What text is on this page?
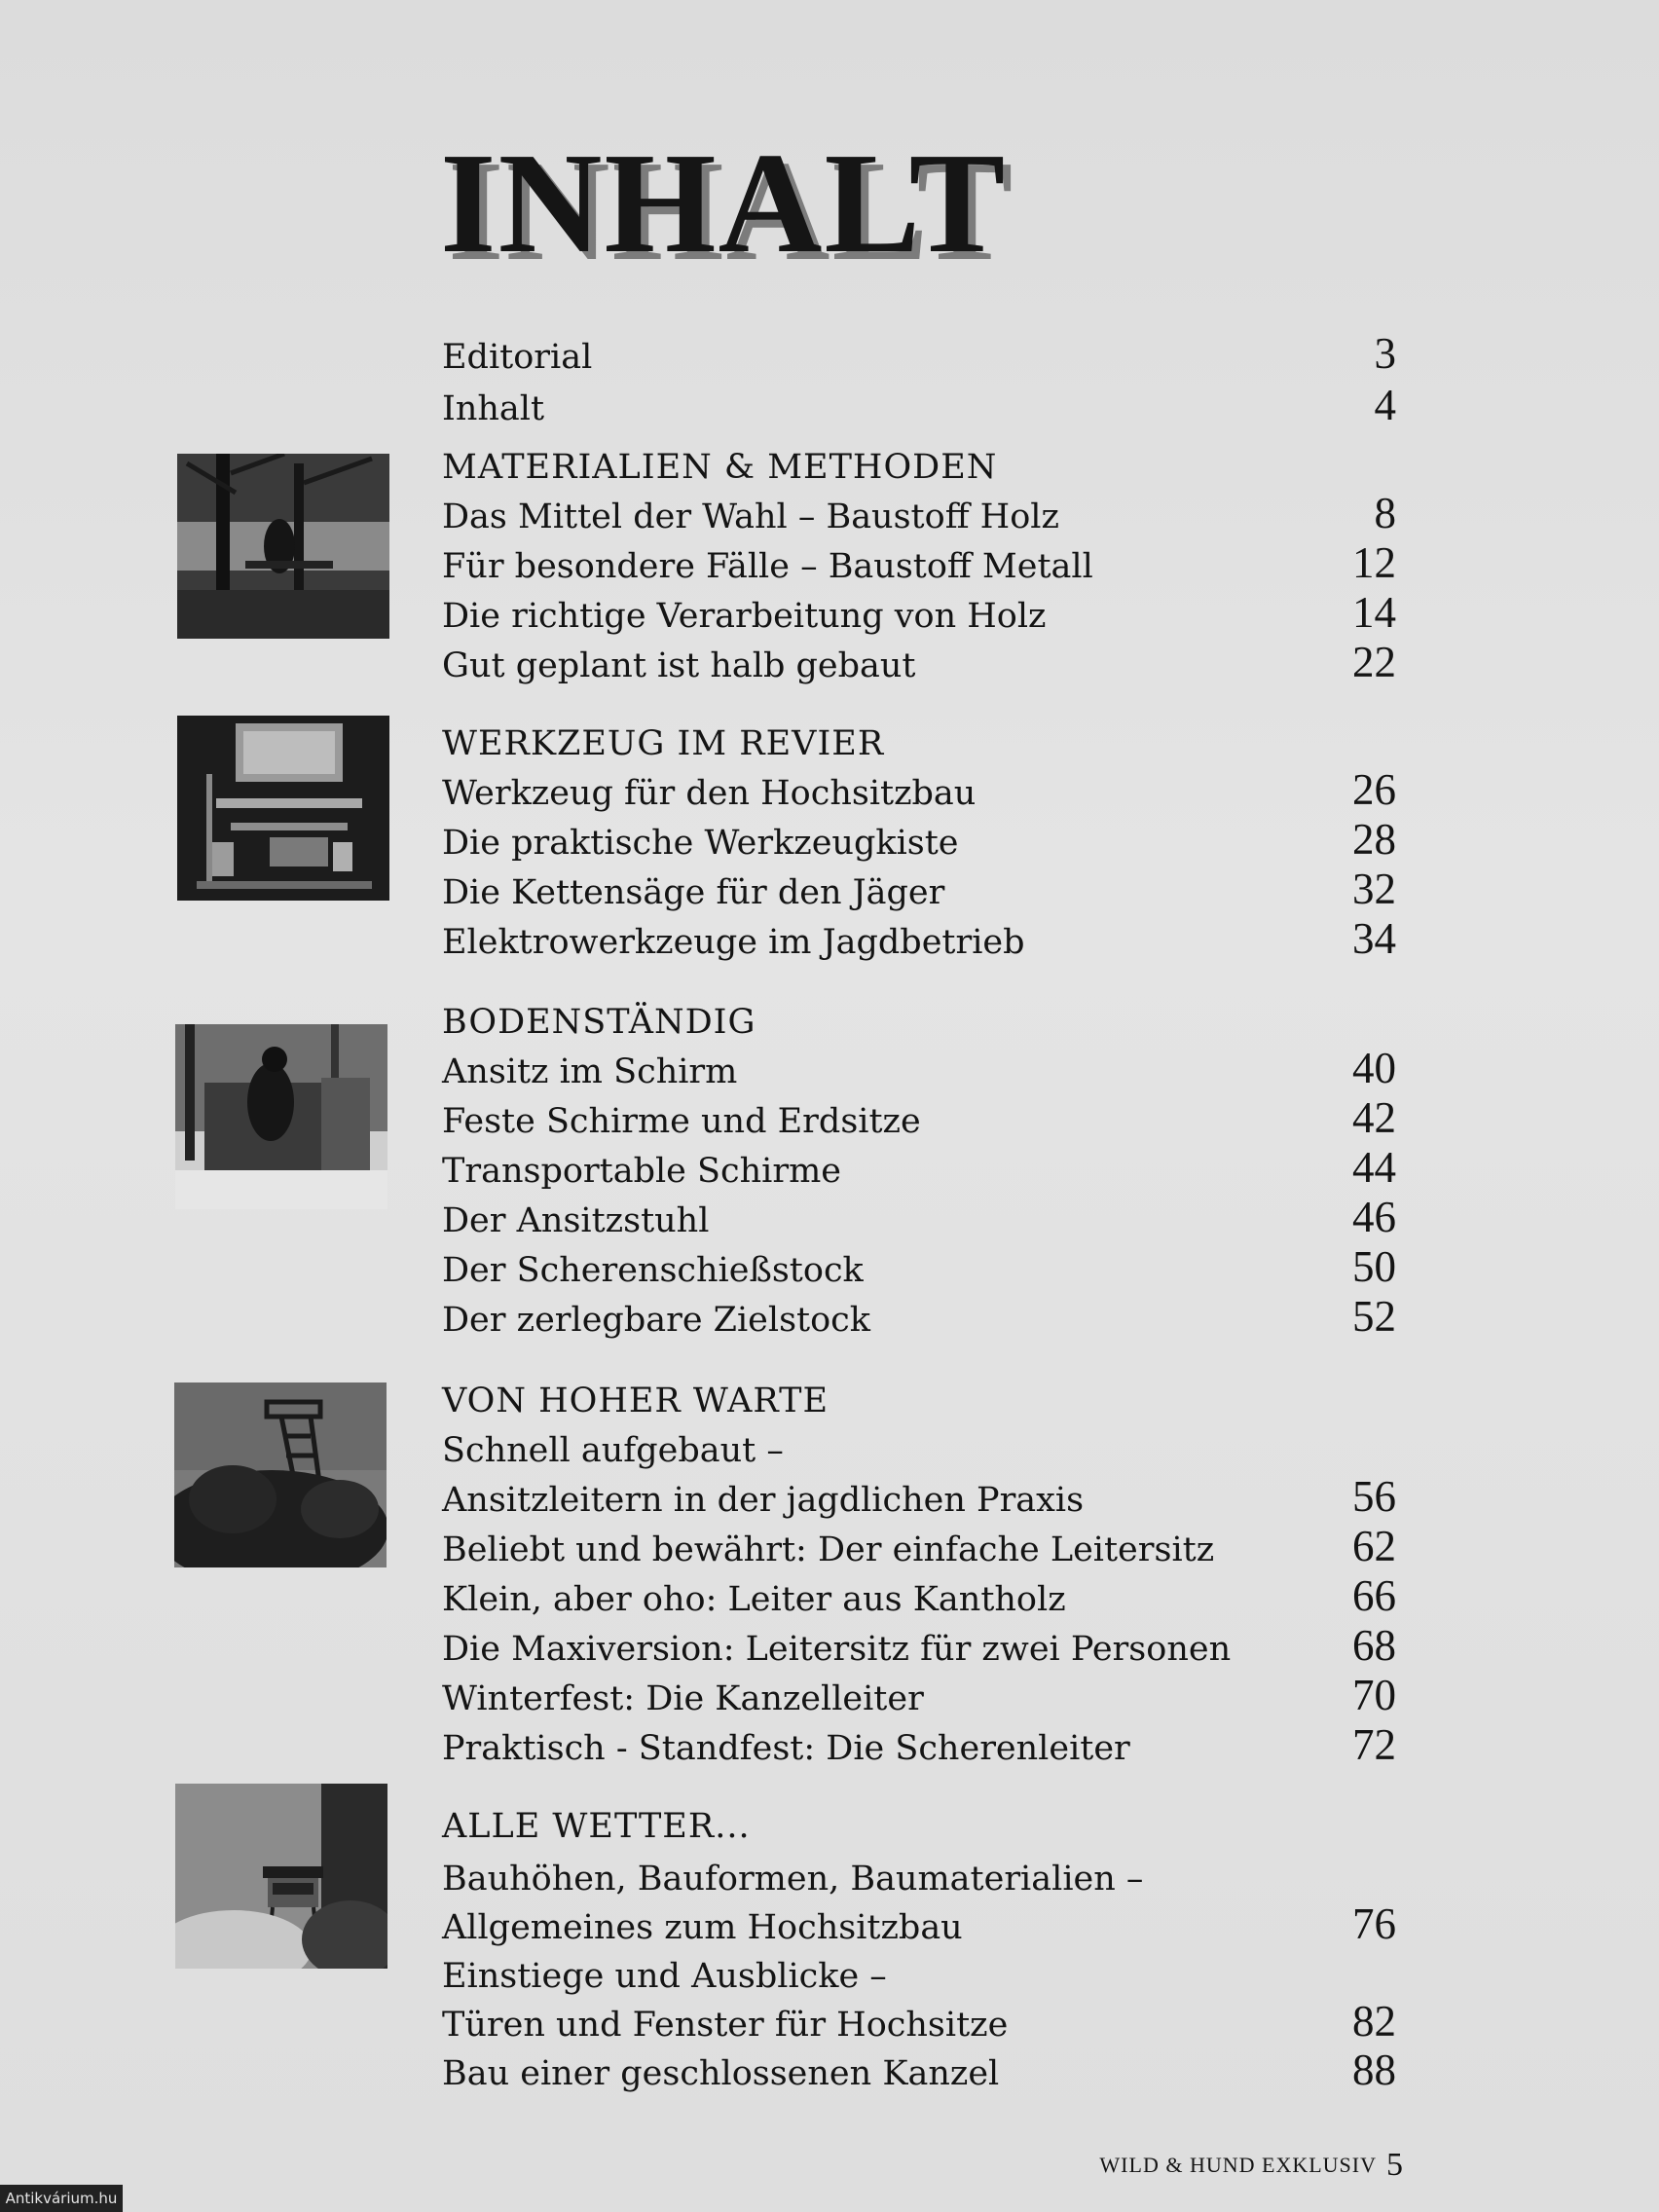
INHALT
Editorial	3
Inhalt	4
MATERIALIEN & METHODEN
Das Mittel der Wahl – Baustoff Holz	8
Für besondere Fälle – Baustoff Metall	12
Die richtige Verarbeitung von Holz	14
Gut geplant ist halb gebaut	22
WERKZEUG IM REVIER
Werkzeug für den Hochsitzbau	26
Die praktische Werkzeugkiste	28
Die Kettensäge für den Jäger	32
Elektrowerkzeuge im Jagdbetrieb	34
BODENSTÄNDIG
Ansitz im Schirm	40
Feste Schirme und Erdsitze	42
Transportable Schirme	44
Der Ansitzstuhl	46
Der Scherenschießstock	50
Der zerlegbare Zielstock	52
VON HOHER WARTE
Schnell aufgebaut –
Ansitzleitern in der jagdlichen Praxis	56
Beliebt und bewährt: Der einfache Leitersitz	62
Klein, aber oho: Leiter aus Kantholz	66
Die Maxiversion: Leitersitz für zwei Personen	68
Winterfest: Die Kanzelleiter	70
Praktisch - Standfest: Die Scherenleiter	72
ALLE WETTER...
Bauhöhen, Bauformen, Baumaterialien –
Allgemeines zum Hochsitzbau	76
Einstiege und Ausblicke –
Türen und Fenster für Hochsitze	82
Bau einer geschlossenen Kanzel	88
WILD & HUND EXKLUSIV 5
Antikvárium.hu
